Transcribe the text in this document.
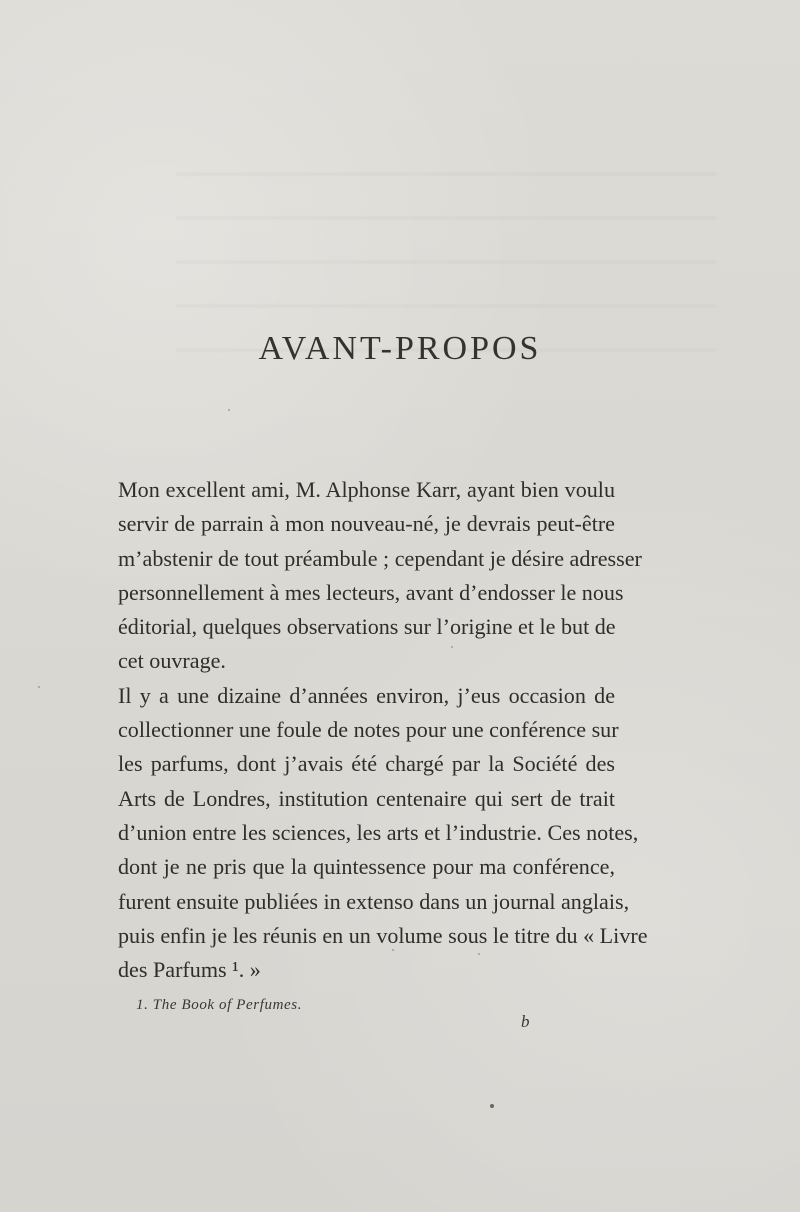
AVANT-PROPOS

Mon excellent ami, M. Alphonse Karr, ayant bien voulu
servir de parrain à mon nouveau-né, je devrais peut-être
m’abstenir de tout préambule ; cependant je désire adresser
personnellement à mes lecteurs, avant d’endosser le nous
éditorial, quelques observations sur l’origine et le but de
cet ouvrage.

Il y a une dizaine d’années environ, j’eus occasion de
collectionner une foule de notes pour une conférence sur
les parfums, dont j’avais été chargé par la Société des
Arts de Londres, institution centenaire qui sert de trait
d’union entre les sciences, les arts et l’industrie. Ces notes,
dont je ne pris que la quintessence pour ma conférence,
furent ensuite publiées in extenso dans un journal anglais,
puis enfin je les réunis en un volume sous le titre du « Livre
des Parfums ¹. »

1. The Book of Perfumes.

b
